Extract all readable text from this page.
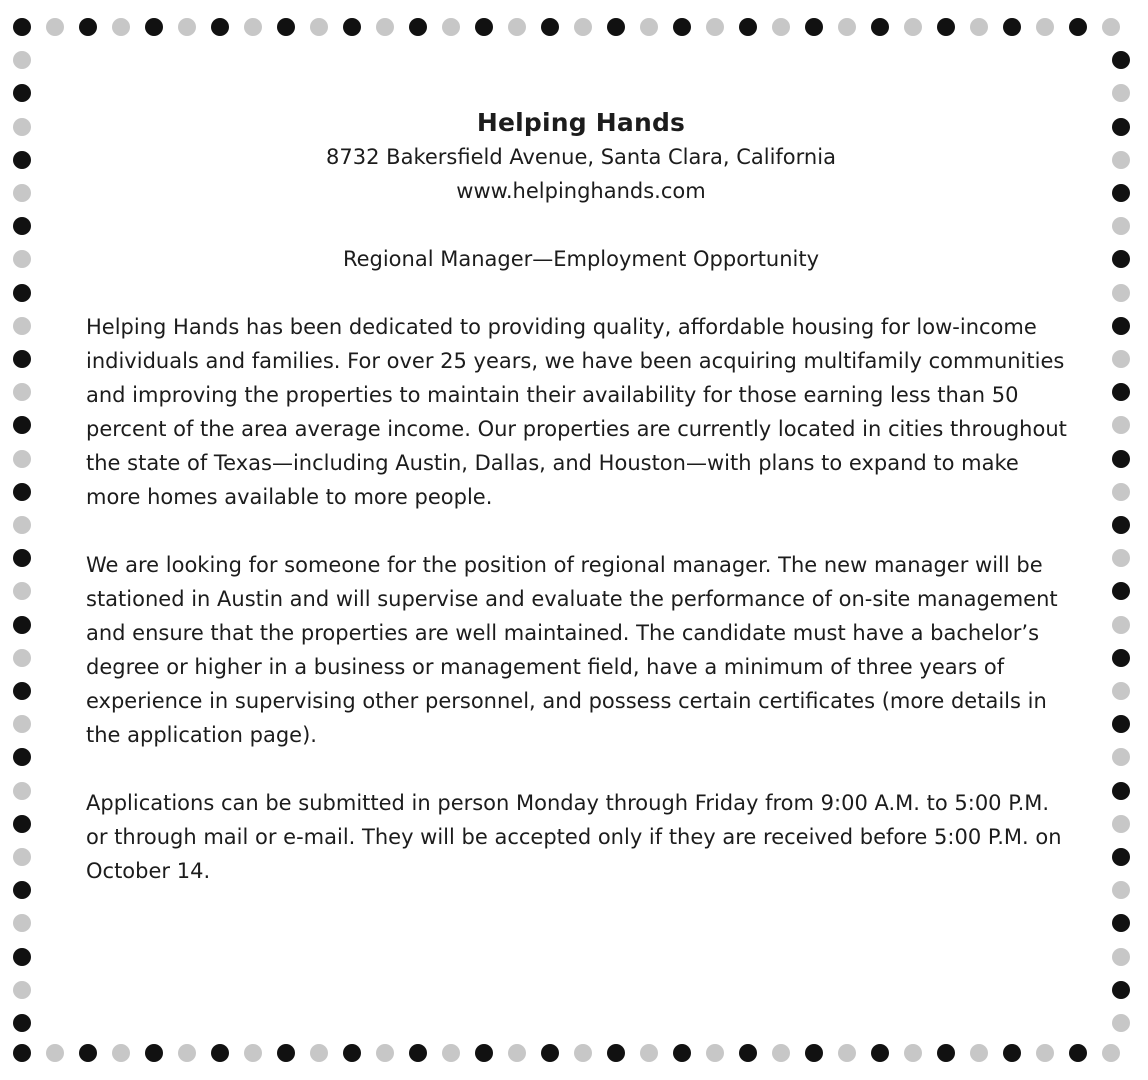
Helping Hands
8732 Bakersfield Avenue, Santa Clara, California
www.helpinghands.com
Regional Manager—Employment Opportunity

Helping Hands has been dedicated to providing quality, affordable housing for low-income individuals and families. For over 25 years, we have been acquiring multifamily communities and improving the properties to maintain their availability for those earning less than 50 percent of the area average income. Our properties are currently located in cities throughout the state of Texas—including Austin, Dallas, and Houston—with plans to expand to make more homes available to more people.

We are looking for someone for the position of regional manager. The new manager will be stationed in Austin and will supervise and evaluate the performance of on-site management and ensure that the properties are well maintained. The candidate must have a bachelor’s degree or higher in a business or management field, have a minimum of three years of experience in supervising other personnel, and possess certain certificates (more details in the application page).

Applications can be submitted in person Monday through Friday from 9:00 A.M. to 5:00 P.M. or through mail or e-mail. They will be accepted only if they are received before 5:00 P.M. on October 14.
